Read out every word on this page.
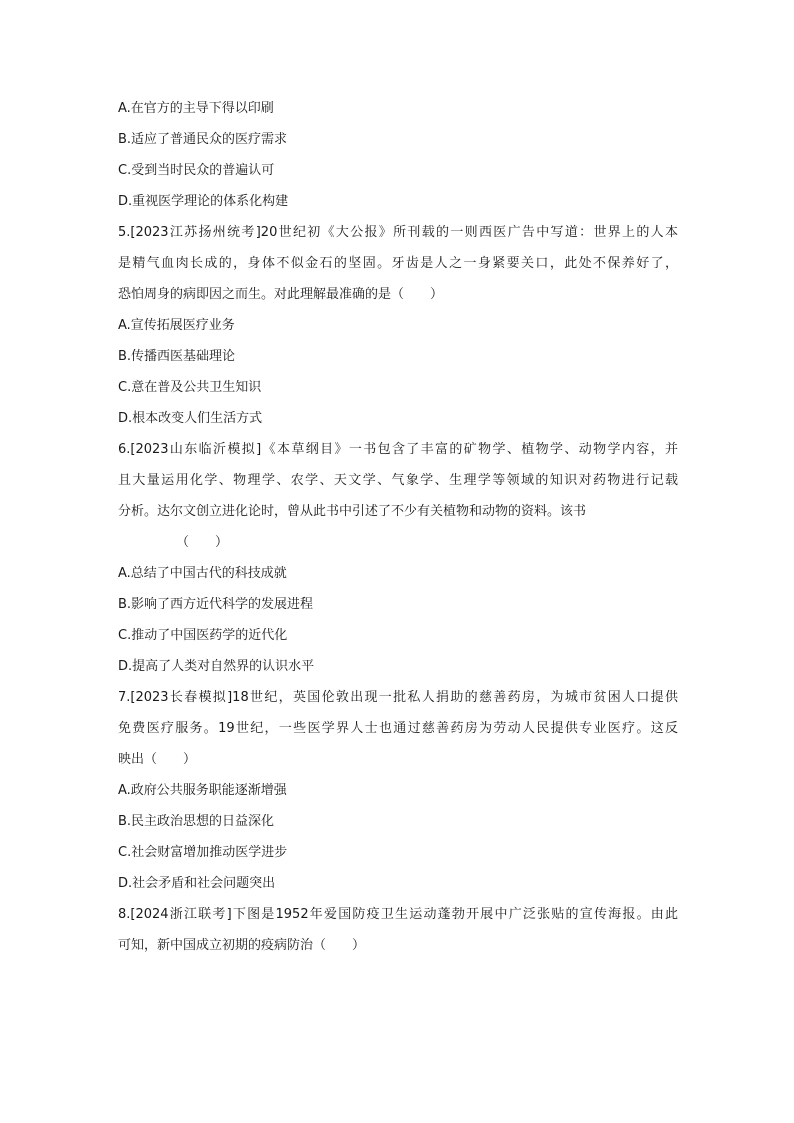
A.在官方的主导下得以印刷
B.适应了普通民众的医疗需求
C.受到当时民众的普遍认可
D.重视医学理论的体系化构建
5.[2023江苏扬州统考]20世纪初《大公报》所刊载的一则西医广告中写道：世界上的人本
是精气血肉长成的，身体不似金石的坚固。牙齿是人之一身紧要关口，此处不保养好了，
恐怕周身的病即因之而生。对此理解最准确的是（　　）
A.宣传拓展医疗业务
B.传播西医基础理论
C.意在普及公共卫生知识
D.根本改变人们生活方式
6.[2023山东临沂模拟]《本草纲目》一书包含了丰富的矿物学、植物学、动物学内容，并
且大量运用化学、物理学、农学、天文学、气象学、生理学等领域的知识对药物进行记载
分析。达尔文创立进化论时，曾从此书中引述了不少有关植物和动物的资料。该书
（　　）
A.总结了中国古代的科技成就
B.影响了西方近代科学的发展进程
C.推动了中国医药学的近代化
D.提高了人类对自然界的认识水平
7.[2023长春模拟]18世纪，英国伦敦出现一批私人捐助的慈善药房，为城市贫困人口提供
免费医疗服务。19世纪，一些医学界人士也通过慈善药房为劳动人民提供专业医疗。这反
映出（　　）
A.政府公共服务职能逐渐增强
B.民主政治思想的日益深化
C.社会财富增加推动医学进步
D.社会矛盾和社会问题突出
8.[2024浙江联考]下图是1952年爱国防疫卫生运动蓬勃开展中广泛张贴的宣传海报。由此
可知，新中国成立初期的疫病防治（　　）
